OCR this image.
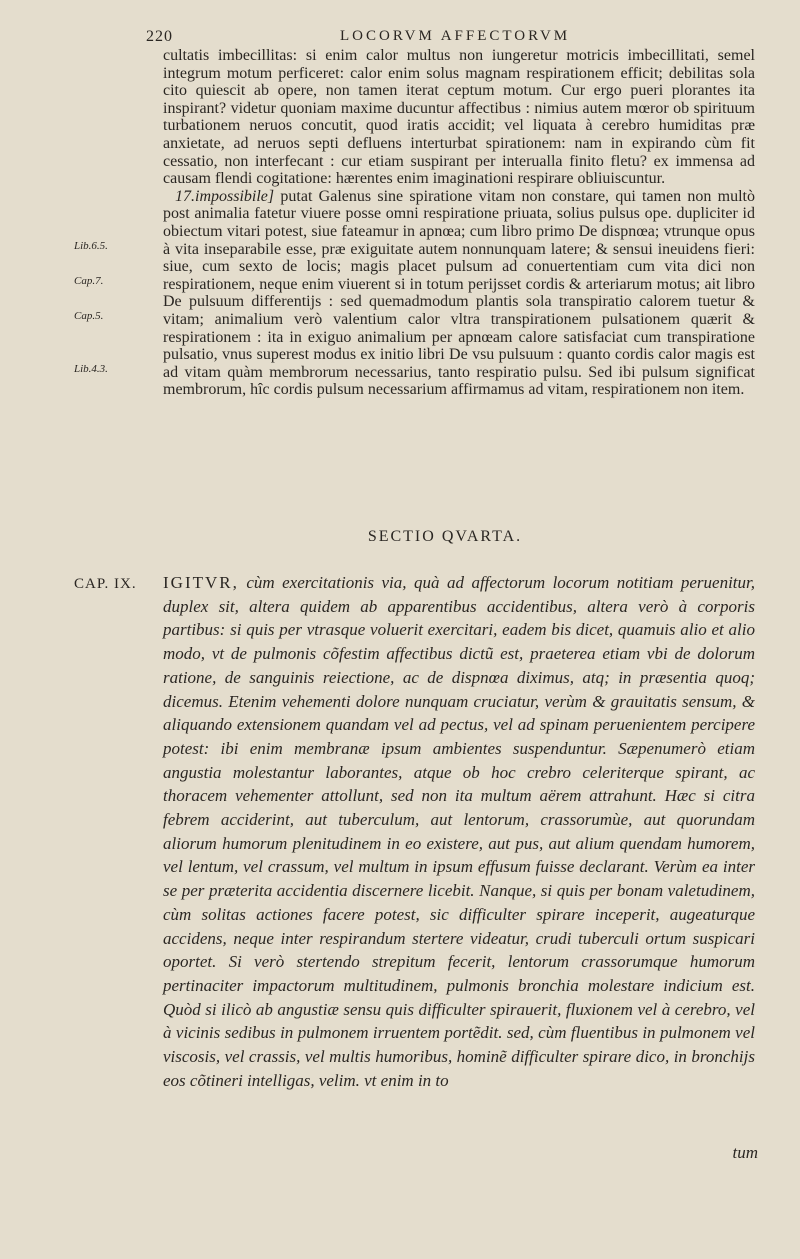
220	LOCORVM AFFECTORVM

cultatis imbecillitas: si enim calor multus non iungeretur motricis imbecillitati, semel integrum motum perficeret: calor enim solus magnam respirationem efficit; debilitas sola cito quiescit ab opere, non tamen iterat ceptum motum. Cur ergo pueri plorantes ita inspirant? videtur quoniam maxime ducuntur affectibus : nimius autem mœror ob spirituum turbationem neruos concutit, quod iratis accidit; vel liquata à cerebro humiditas præ anxietate, ad neruos septi defluens interturbat spirationem: nam in expirando cùm fit cessatio, non interfecant : cur etiam suspirant per interualla finito fletu? ex immensa ad causam flendi cogitatione: hærentes enim imaginationi respirare obliuiscuntur.

17.impossibile] putat Galenus sine spiratione vitam non constare, qui tamen non multò post animalia fatetur viuere posse omni respiratione priuata, solius pulsus ope. dupliciter id obiectum vitari potest, siue fateamur in apnœa; cum libro primo De dispnœa; vtrunque opus à vita inseparabile esse, præ exiguitate autem nonnunquam latere; & sensui ineuidens fieri: siue, cum sexto de locis; magis placet pulsum ad conuertentiam cum vita dici non respirationem, neque enim viuerent si in totum perijsset cordis & arteriarum motus; ait libro De pulsuum differentijs : sed quemadmodum plantis sola transpiratio calorem tuetur & vitam; animalium verò valentium calor vltra transpirationem pulsationem quærit & respirationem : ita in exiguo animalium per apnœam calore satisfaciat cum transpiratione pulsatio, vnus superest modus ex initio libri De vsu pulsuum : quanto cordis calor magis est ad vitam quàm membrorum necessarius, tanto respiratio pulsu. Sed ibi pulsum significat membrorum, hîc cordis pulsum necessarium affirmamus ad vitam, respirationem non item.

Lib.6.5.
Cap.7.
Cap.5.
Lib.4.3.
SECTIO QVARTA.
CAP. IX. IGITVR, cùm exercitationis via, quà ad affectorum locorum notitiam peruenitur, duplex sit, altera quidem ab apparentibus accidentibus, altera verò à corporis partibus: si quis per vtrasque voluerit exercitari, eadem bis dicet, quamuis alio et alio modo, vt de pulmonis cõfestim affectibus dictũ est, praeterea etiam vbi de dolorum ratione, de sanguinis reiectione, ac de dispnœa diximus, atq; in præsentia quoq; dicemus. Etenim vehementi dolore nunquam cruciatur, verùm & grauitatis sensum, & aliquando extensionem quandam vel ad pectus, vel ad spinam peruenientem percipere potest: ibi enim membranæ ipsum ambientes suspenduntur. Sæpenumerò etiam angustia molestantur laborantes, atque ob hoc crebro celeriterque spirant, ac thoracem vehementer attollunt, sed non ita multum aërem attrahunt. Hæc si citra febrem acciderint, aut tuberculum, aut lentorum, crassorumùe, aut quorundam aliorum humorum plenitudinem in eo existere, aut pus, aut alium quendam humorem, vel lentum, vel crassum, vel multum in ipsum effusum fuisse declarant. Verùm ea inter se per præterita accidentia discernere licebit. Nanque, si quis per bonam valetudinem, cùm solitas actiones facere potest, sic difficulter spirare inceperit, augeaturque accidens, neque inter respirandum stertere videatur, crudi tuberculi ortum suspicari oportet. Si verò stertendo strepitum fecerit, lentorum crassorumque humorum pertinaciter impactorum multitudinem, pulmonis bronchia molestare indicium est. Quòd si ilicò ab angustiæ sensu quis difficulter spirauerit, fluxionem vel à cerebro, vel à vicinis sedibus in pulmonem irruentem portẽdit. sed, cùm fluentibus in pulmonem vel viscosis, vel crassis, vel multis humoribus, hominẽ difficulter spirare dico, in bronchijs eos cõtineri intelligas, velim. vt enim in to

tum
